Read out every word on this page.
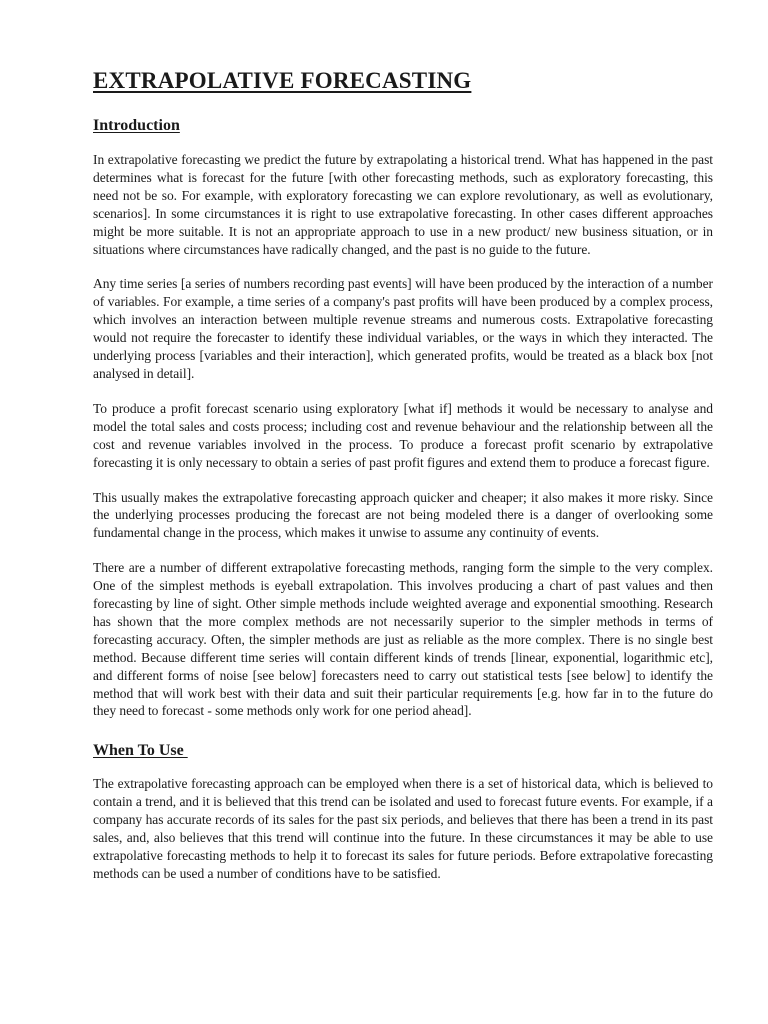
EXTRAPOLATIVE FORECASTING
Introduction

In extrapolative forecasting we predict the future by extrapolating a historical trend. What has happened in the past determines what is forecast for the future [with other forecasting methods, such as exploratory forecasting, this need not be so. For example, with exploratory forecasting we can explore revolutionary, as well as evolutionary, scenarios]. In some circumstances it is right to use extrapolative forecasting. In other cases different approaches might be more suitable. It is not an appropriate approach to use in a new product/ new business situation, or in situations where circumstances have radically changed, and the past is no guide to the future.

Any time series [a series of numbers recording past events] will have been produced by the interaction of a number of variables. For example, a time series of a company's past profits will have been produced by a complex process, which involves an interaction between multiple revenue streams and numerous costs. Extrapolative forecasting would not require the forecaster to identify these individual variables, or the ways in which they interacted. The underlying process [variables and their interaction], which generated profits, would be treated as a black box [not analysed in detail].

To produce a profit forecast scenario using exploratory [what if] methods it would be necessary to analyse and model the total sales and costs process; including cost and revenue behaviour and the relationship between all the cost and revenue variables involved in the process. To produce a forecast profit scenario by extrapolative forecasting it is only necessary to obtain a series of past profit figures and extend them to produce a forecast figure.

This usually makes the extrapolative forecasting approach quicker and cheaper; it also makes it more risky. Since the underlying processes producing the forecast are not being modeled there is a danger of overlooking some fundamental change in the process, which makes it unwise to assume any continuity of events.

There are a number of different extrapolative forecasting methods, ranging form the simple to the very complex. One of the simplest methods is eyeball extrapolation. This involves producing a chart of past values and then forecasting by line of sight. Other simple methods include weighted average and exponential smoothing. Research has shown that the more complex methods are not necessarily superior to the simpler methods in terms of forecasting accuracy. Often, the simpler methods are just as reliable as the more complex. There is no single best method. Because different time series will contain different kinds of trends [linear, exponential, logarithmic etc], and different forms of noise [see below] forecasters need to carry out statistical tests [see below] to identify the method that will work best with their data and suit their particular requirements [e.g. how far in to the future do they need to forecast - some methods only work for one period ahead].

When To Use

The extrapolative forecasting approach can be employed when there is a set of historical data, which is believed to contain a trend, and it is believed that this trend can be isolated and used to forecast future events. For example, if a company has accurate records of its sales for the past six periods, and believes that there has been a trend in its past sales, and, also believes that this trend will continue into the future. In these circumstances it may be able to use extrapolative forecasting methods to help it to forecast its sales for future periods. Before extrapolative forecasting methods can be used a number of conditions have to be satisfied.
